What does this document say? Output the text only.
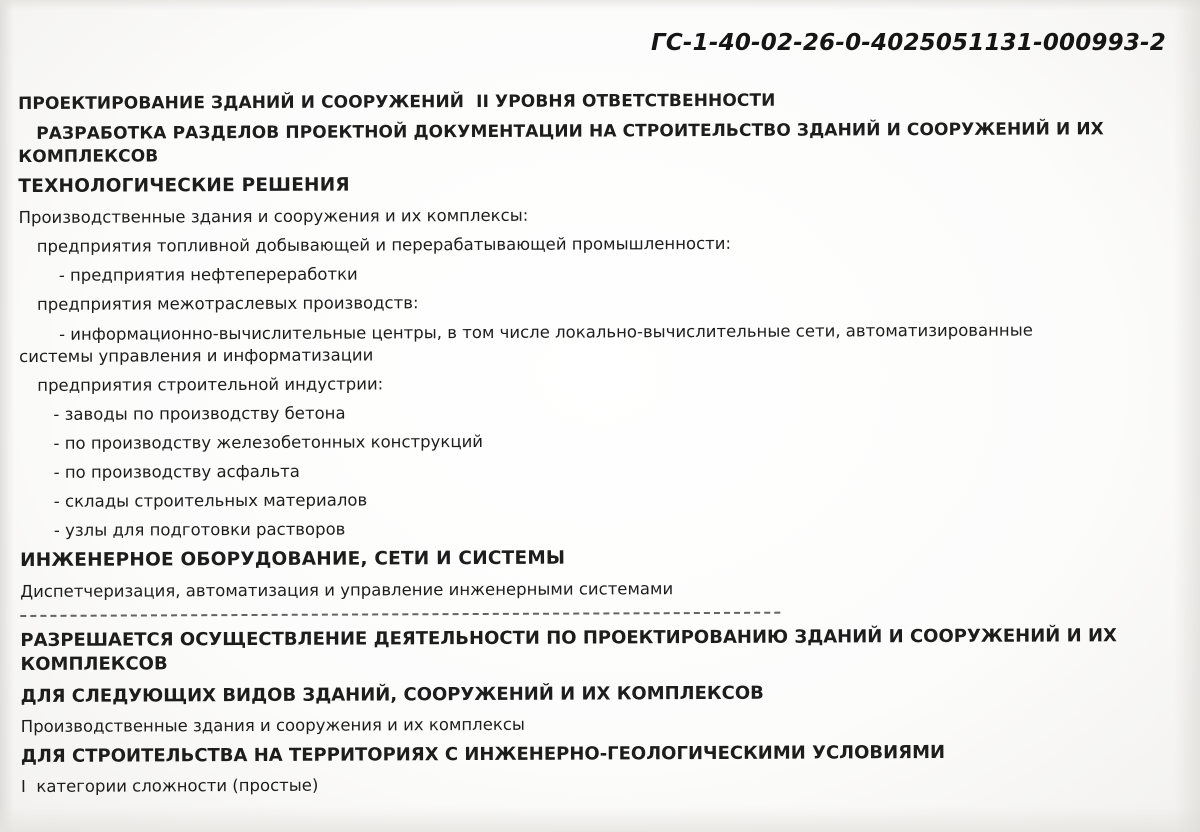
ГС-1-40-02-26-0-4025051131-000993-2
ПРОЕКТИРОВАНИЕ ЗДАНИЙ И СООРУЖЕНИЙ  II УРОВНЯ ОТВЕТСТВЕННОСТИ
РАЗРАБОТКА РАЗДЕЛОВ ПРОЕКТНОЙ ДОКУМЕНТАЦИИ НА СТРОИТЕЛЬСТВО ЗДАНИЙ И СООРУЖЕНИЙ И ИХ
КОМПЛЕКСОВ
ТЕХНОЛОГИЧЕСКИЕ РЕШЕНИЯ
Производственные здания и сооружения и их комплексы:
предприятия топливной добывающей и перерабатывающей промышленности:
- предприятия нефтепереработки
предприятия межотраслевых производств:
- информационно-вычислительные центры, в том числе локально-вычислительные сети, автоматизированные
системы управления и информатизации
предприятия строительной индустрии:
- заводы по производству бетона
- по производству железобетонных конструкций
- по производству асфальта
- склады строительных материалов
- узлы для подготовки растворов
ИНЖЕНЕРНОЕ ОБОРУДОВАНИЕ, СЕТИ И СИСТЕМЫ
Диспетчеризация, автоматизация и управление инженерными системами
РАЗРЕШАЕТСЯ ОСУЩЕСТВЛЕНИЕ ДЕЯТЕЛЬНОСТИ ПО ПРОЕКТИРОВАНИЮ ЗДАНИЙ И СООРУЖЕНИЙ И ИХ
КОМПЛЕКСОВ
ДЛЯ СЛЕДУЮЩИХ ВИДОВ ЗДАНИЙ, СООРУЖЕНИЙ И ИХ КОМПЛЕКСОВ
Производственные здания и сооружения и их комплексы
ДЛЯ СТРОИТЕЛЬСТВА НА ТЕРРИТОРИЯХ С ИНЖЕНЕРНО-ГЕОЛОГИЧЕСКИМИ УСЛОВИЯМИ
I  категории сложности (простые)
